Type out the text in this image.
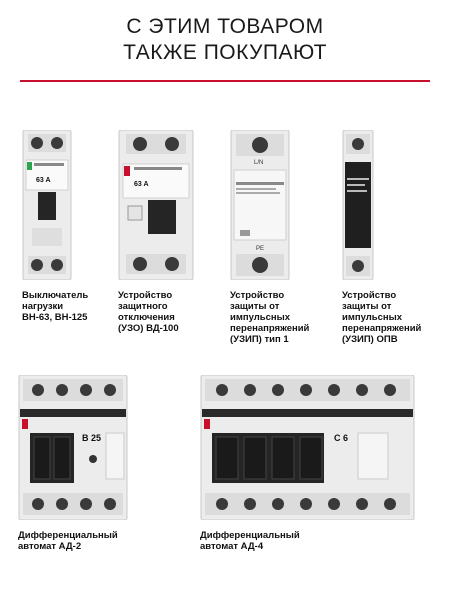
С ЭТИМ ТОВАРОМ
ТАКЖЕ ПОКУПАЮТ
63 A
Выключатель
нагрузки
ВН-63, ВН-125
63 A
Устройство
защитного
отключения
(УЗО) ВД-100
L/N
PE
Устройство
защиты от
импульсных
перенапряжений
(УЗИП) тип 1
Устройство
защиты от
импульсных
перенапряжений
(УЗИП) ОПВ
B 25
Дифференциальный
автомат АД-2
C 6
Дифференциальный
автомат АД-4
